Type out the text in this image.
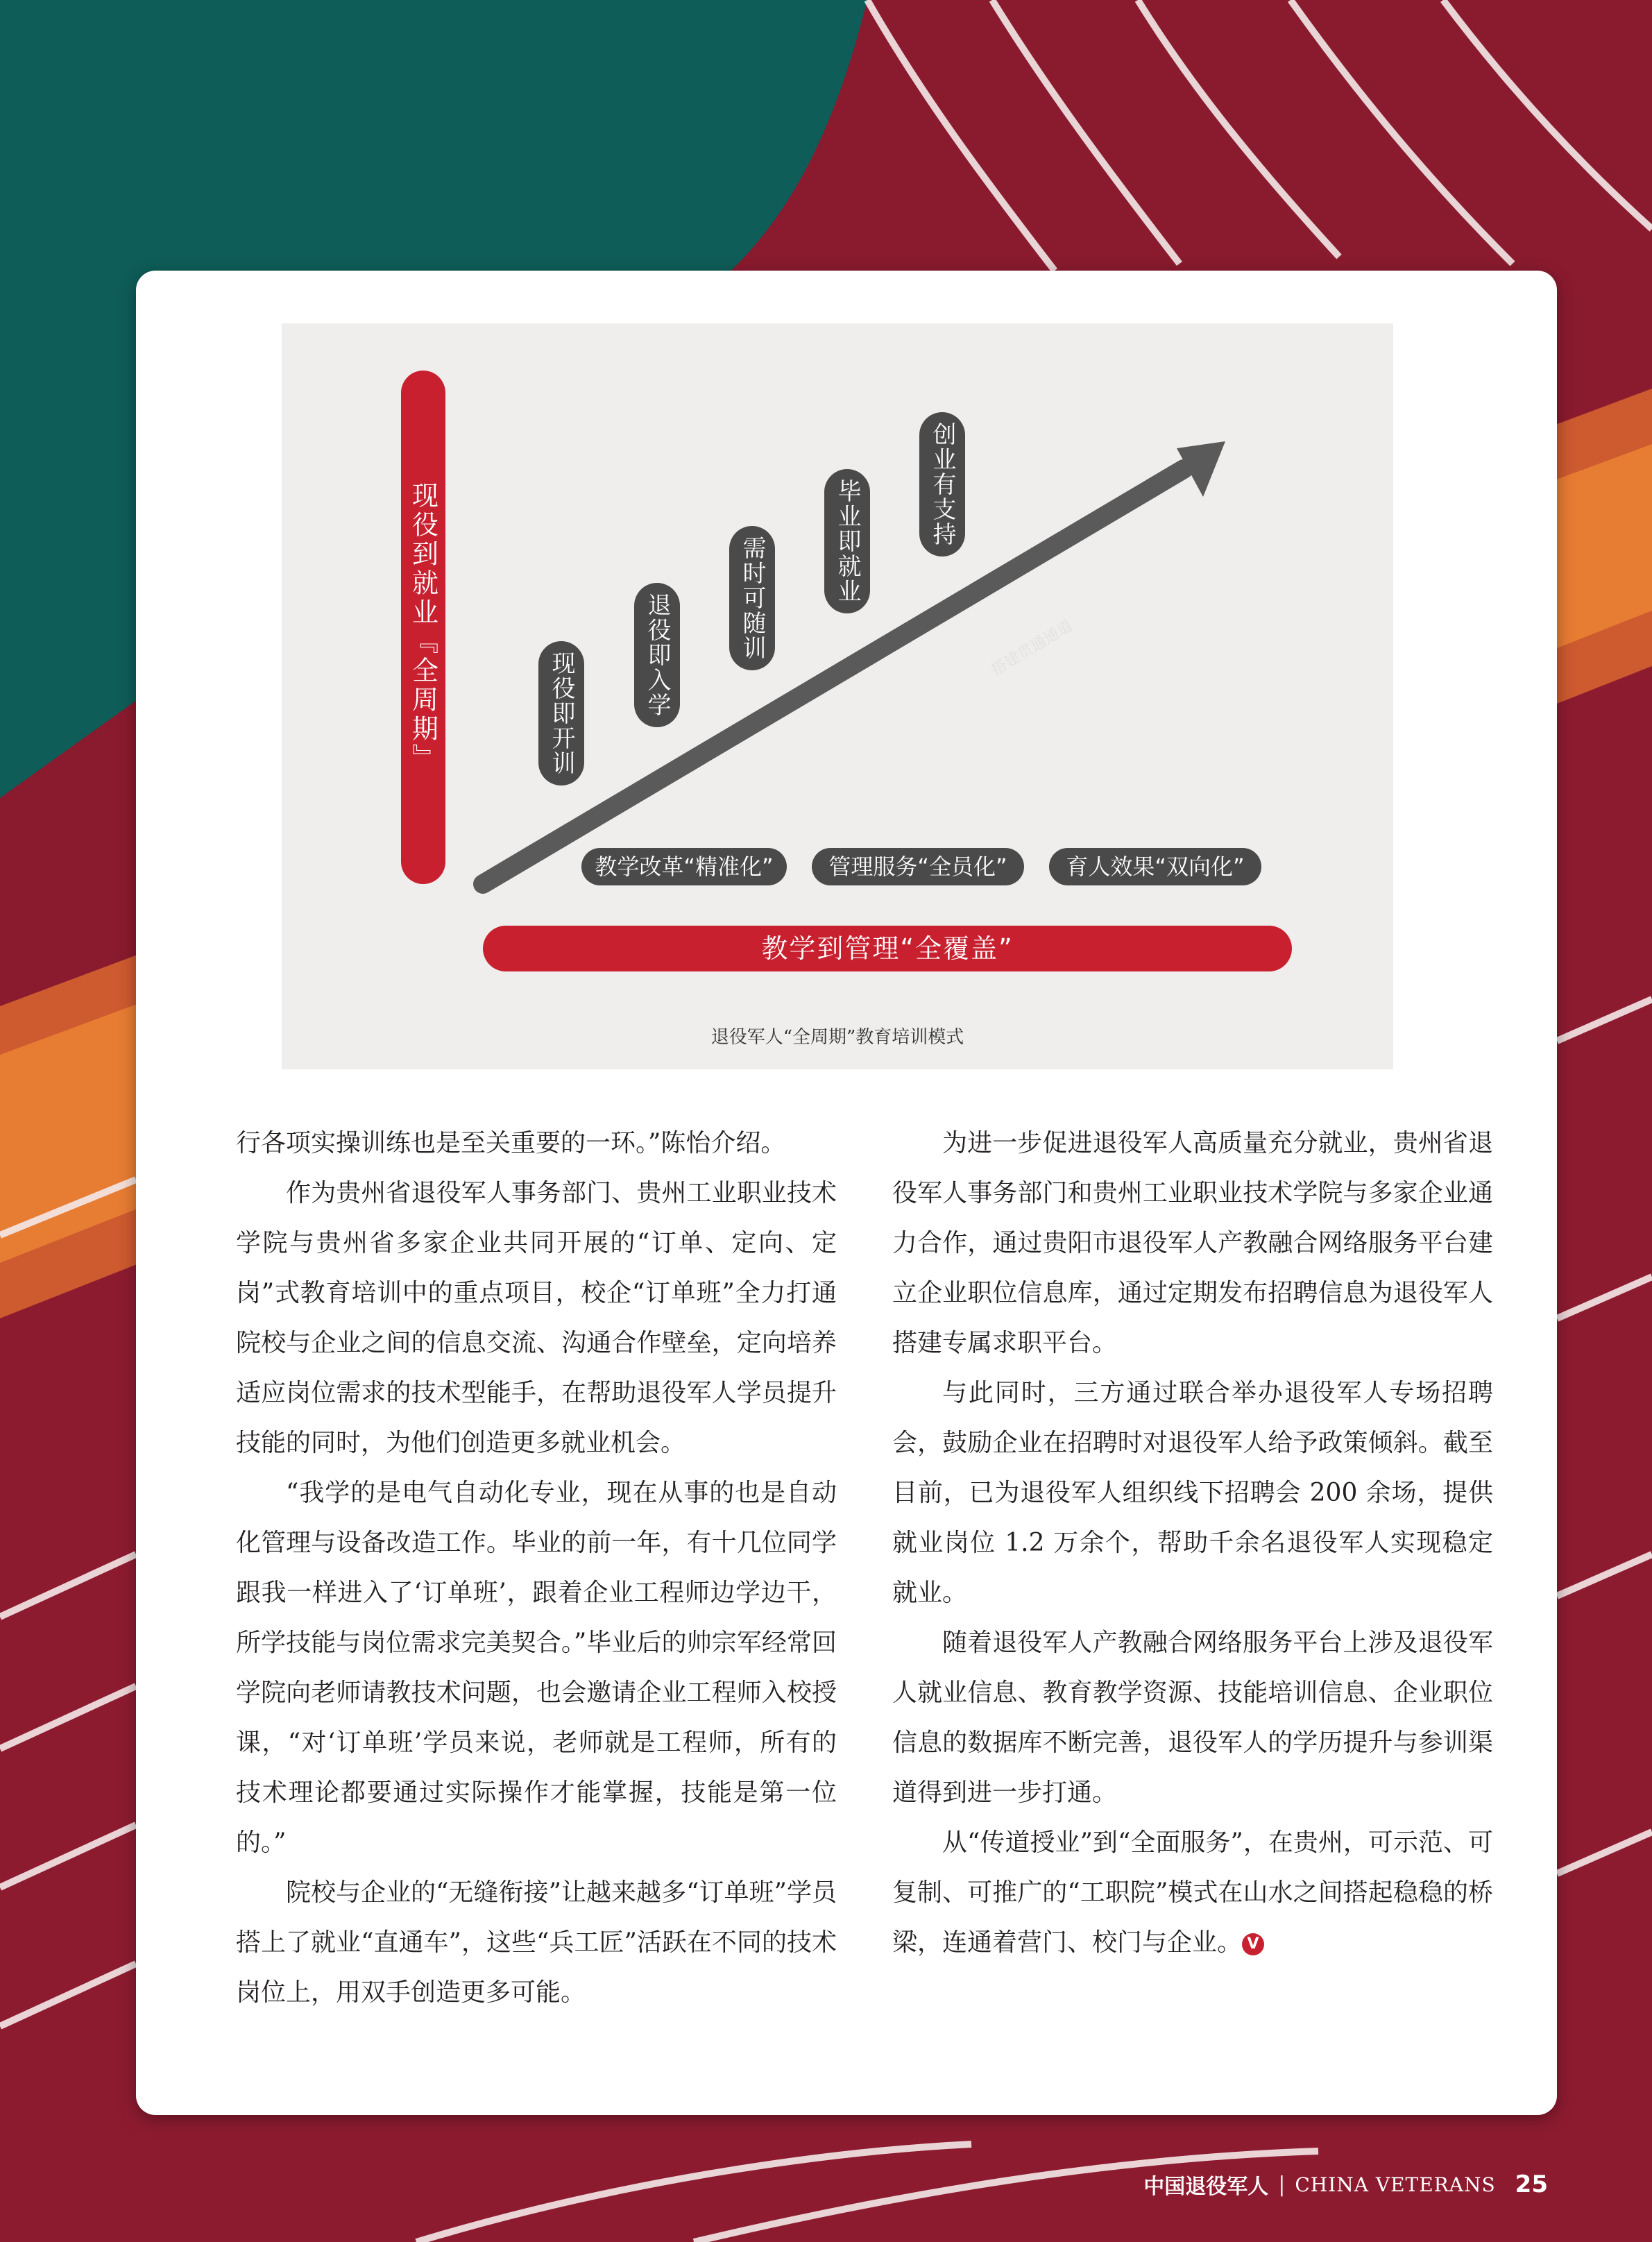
现役到就业『全周期』	现役即开训	退役即入学	需时可随训	毕业即就业	创业有支持
搭建贯通通道
教学改革“精准化”	管理服务“全员化”	育人效果“双向化”
教学到管理“全覆盖”
退役军人“全周期”教育培训模式

行各项实操训练也是至关重要的一环。”陈怡介绍。

作为贵州省退役军人事务部门、贵州工业职业技术学院与贵州省多家企业共同开展的“订单、定向、定岗”式教育培训中的重点项目，校企“订单班”全力打通院校与企业之间的信息交流、沟通合作壁垒，定向培养适应岗位需求的技术型能手，在帮助退役军人学员提升技能的同时，为他们创造更多就业机会。

“我学的是电气自动化专业，现在从事的也是自动化管理与设备改造工作。毕业的前一年，有十几位同学跟我一样进入了‘订单班’，跟着企业工程师边学边干，所学技能与岗位需求完美契合。”毕业后的帅宗军经常回学院向老师请教技术问题，也会邀请企业工程师入校授课，“对‘订单班’学员来说，老师就是工程师，所有的技术理论都要通过实际操作才能掌握，技能是第一位的。”

院校与企业的“无缝衔接”让越来越多“订单班”学员搭上了就业“直通车”，这些“兵工匠”活跃在不同的技术岗位上，用双手创造更多可能。

为进一步促进退役军人高质量充分就业，贵州省退役军人事务部门和贵州工业职业技术学院与多家企业通力合作，通过贵阳市退役军人产教融合网络服务平台建立企业职位信息库，通过定期发布招聘信息为退役军人搭建专属求职平台。

与此同时，三方通过联合举办退役军人专场招聘会，鼓励企业在招聘时对退役军人给予政策倾斜。截至目前，已为退役军人组织线下招聘会 200 余场，提供就业岗位 1.2 万余个，帮助千余名退役军人实现稳定就业。

随着退役军人产教融合网络服务平台上涉及退役军人就业信息、教育教学资源、技能培训信息、企业职位信息的数据库不断完善，退役军人的学历提升与参训渠道得到进一步打通。

从“传道授业”到“全面服务”，在贵州，可示范、可复制、可推广的“工职院”模式在山水之间搭起稳稳的桥梁，连通着营门、校门与企业。 V

中国退役军人 | CHINA VETERANS 25
